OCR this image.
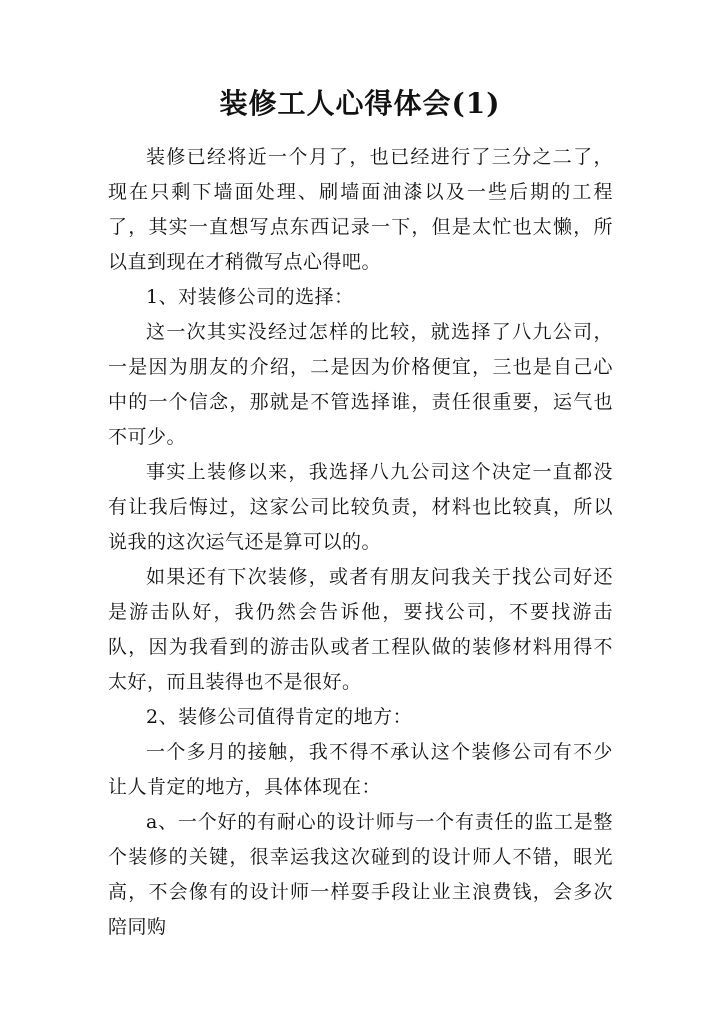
装修工人心得体会(1)

装修已经将近一个月了，也已经进行了三分之二了，现在只剩下墙面处理、刷墙面油漆以及一些后期的工程了，其实一直想写点东西记录一下，但是太忙也太懒，所以直到现在才稍微写点心得吧。

1、对装修公司的选择：

这一次其实没经过怎样的比较，就选择了八九公司，一是因为朋友的介绍，二是因为价格便宜，三也是自己心中的一个信念，那就是不管选择谁，责任很重要，运气也不可少。

事实上装修以来，我选择八九公司这个决定一直都没有让我后悔过，这家公司比较负责，材料也比较真，所以说我的这次运气还是算可以的。

如果还有下次装修，或者有朋友问我关于找公司好还是游击队好，我仍然会告诉他，要找公司，不要找游击队，因为我看到的游击队或者工程队做的装修材料用得不太好，而且装得也不是很好。

2、装修公司值得肯定的地方：

一个多月的接触，我不得不承认这个装修公司有不少让人肯定的地方，具体体现在：

a、一个好的有耐心的设计师与一个有责任的监工是整个装修的关键，很幸运我这次碰到的设计师人不错，眼光高，不会像有的设计师一样耍手段让业主浪费钱，会多次陪同购
